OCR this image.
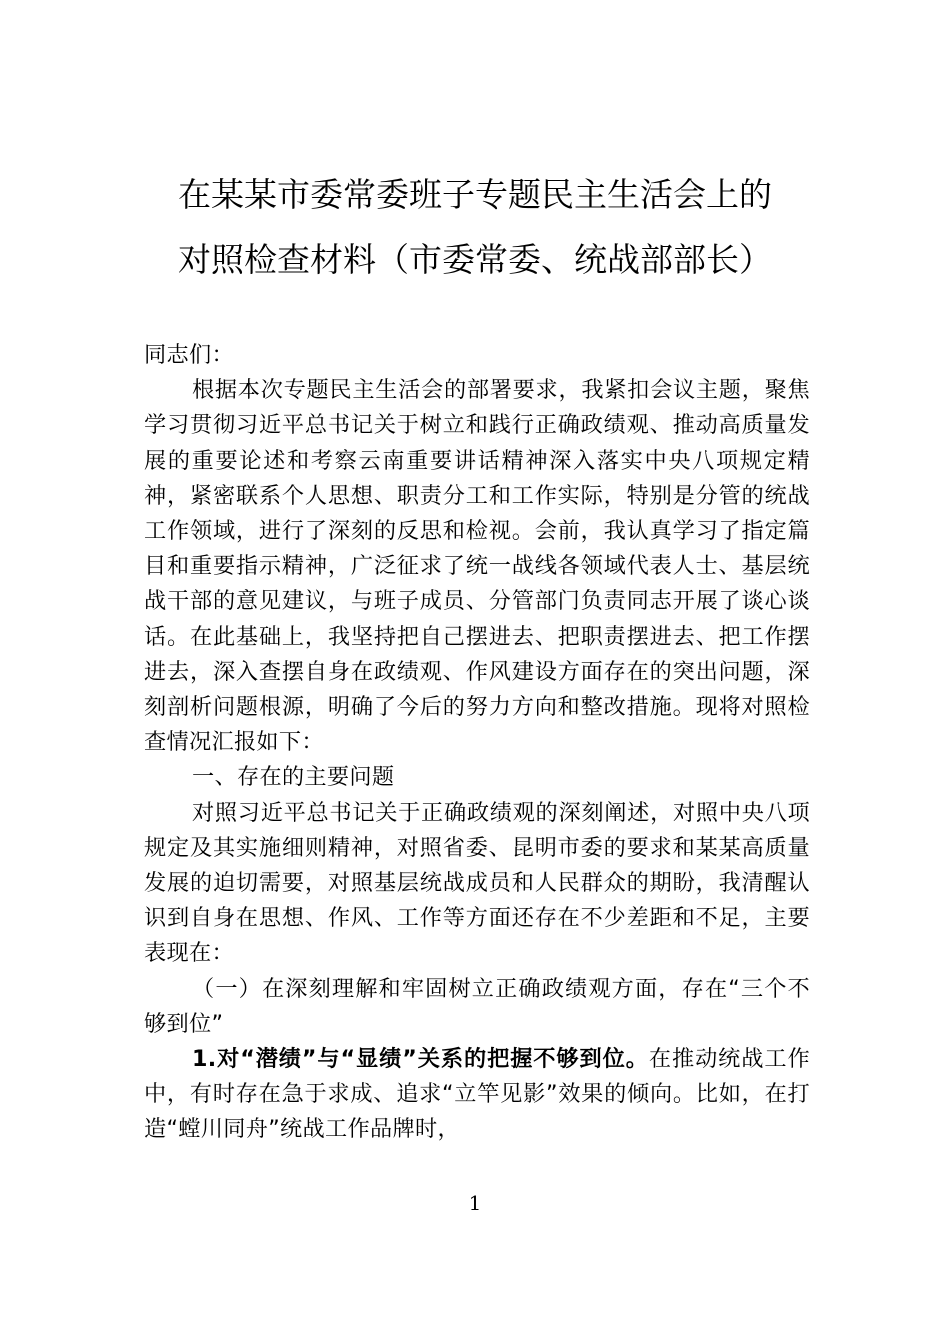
在某某市委常委班子专题民主生活会上的
对照检查材料（市委常委、统战部部长）

同志们：

根据本次专题民主生活会的部署要求，我紧扣会议主题，聚焦学习贯彻习近平总书记关于树立和践行正确政绩观、推动高质量发展的重要论述和考察云南重要讲话精神深入落实中央八项规定精神，紧密联系个人思想、职责分工和工作实际，特别是分管的统战工作领域，进行了深刻的反思和检视。会前，我认真学习了指定篇目和重要指示精神，广泛征求了统一战线各领域代表人士、基层统战干部的意见建议，与班子成员、分管部门负责同志开展了谈心谈话。在此基础上，我坚持把自己摆进去、把职责摆进去、把工作摆进去，深入查摆自身在政绩观、作风建设方面存在的突出问题，深刻剖析问题根源，明确了今后的努力方向和整改措施。现将对照检查情况汇报如下：

一、存在的主要问题

对照习近平总书记关于正确政绩观的深刻阐述，对照中央八项规定及其实施细则精神，对照省委、昆明市委的要求和某某高质量发展的迫切需要，对照基层统战成员和人民群众的期盼，我清醒认识到自身在思想、作风、工作等方面还存在不少差距和不足，主要表现在：

（一）在深刻理解和牢固树立正确政绩观方面，存在“三个不够到位”

1.对“潜绩”与“显绩”关系的把握不够到位。在推动统战工作中，有时存在急于求成、追求“立竿见影”效果的倾向。比如，在打造“螳川同舟”统战工作品牌时，

1
